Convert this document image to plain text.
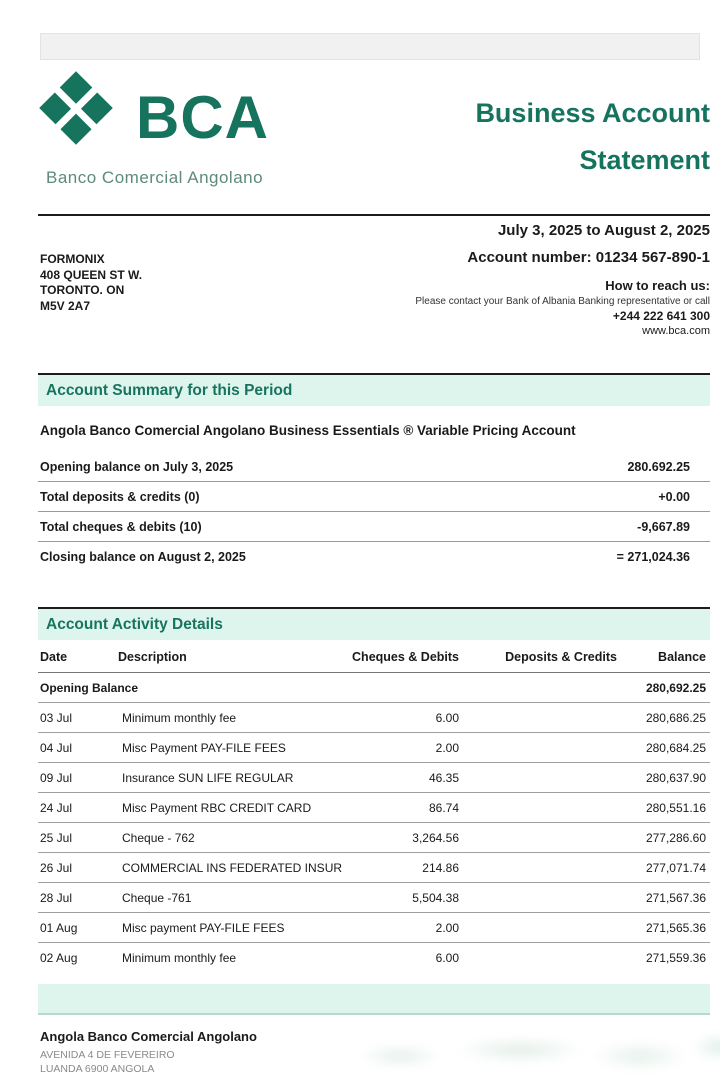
BCA
Banco Comercial Angolano
Business Account
Statement
FORMONIX
408 QUEEN ST W.
TORONTO. ON
M5V 2A7
July 3, 2025 to August 2, 2025
Account number: 01234 567-890-1
How to reach us:
Please contact your Bank of Albania Banking representative or call
+244 222 641 300
www.bca.com
Account Summary for this Period
Angola Banco Comercial Angolano Business Essentials ® Variable Pricing Account
Opening balance on July 3, 2025	280.692.25
Total deposits & credits (0)	+0.00
Total cheques & debits (10)	-9,667.89
Closing balance on August 2, 2025	= 271,024.36
Account Activity Details
Date	Description	Cheques & Debits	Deposits & Credits	Balance
Opening Balance				280,692.25
03 Jul	Minimum monthly fee	6.00		280,686.25
04 Jul	Misc Payment PAY-FILE FEES	2.00		280,684.25
09 Jul	Insurance SUN LIFE REGULAR	46.35		280,637.90
24 Jul	Misc Payment RBC CREDIT CARD	86.74		280,551.16
25 Jul	Cheque - 762	3,264.56		277,286.60
26 Jul	COMMERCIAL INS FEDERATED INSUR	214.86		277,071.74
28 Jul	Cheque -761	5,504.38		271,567.36
01 Aug	Misc payment PAY-FILE FEES	2.00		271,565.36
02 Aug	Minimum monthly fee	6.00		271,559.36
Angola Banco Comercial Angolano
AVENIDA 4 DE FEVEREIRO
LUANDA 6900 ANGOLA
